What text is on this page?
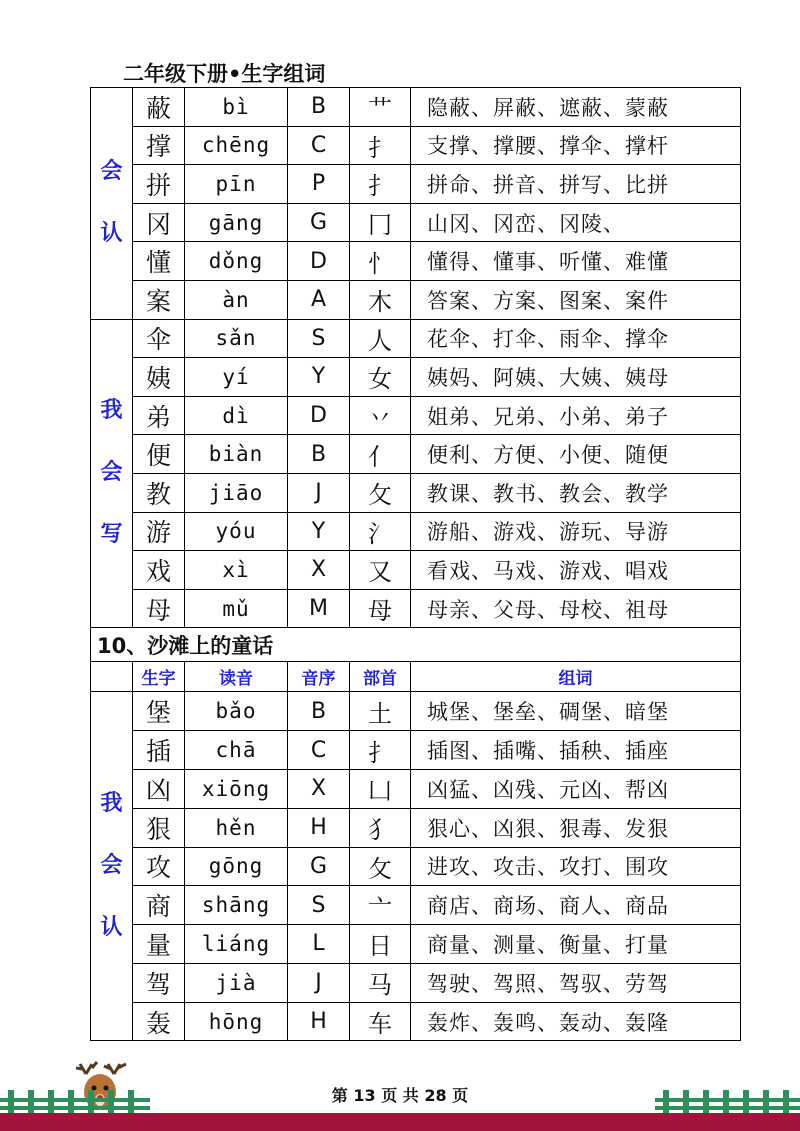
二年级下册•生字组词
会
认	蔽	bì	B	艹	隐蔽、屏蔽、遮蔽、蒙蔽
	撑	chēng	C	扌	支撑、撑腰、撑伞、撑杆
	拼	pīn	P	扌	拼命、拼音、拼写、比拼
	冈	gāng	G	冂	山冈、冈峦、冈陵、
	懂	dǒng	D	忄	懂得、懂事、听懂、难懂
	案	àn	A	木	答案、方案、图案、案件

我
会
写	伞	sǎn	S	人	花伞、打伞、雨伞、撑伞
	姨	yí	Y	女	姨妈、阿姨、大姨、姨母
	弟	dì	D	丷	姐弟、兄弟、小弟、弟子
	便	biàn	B	亻	便利、方便、小便、随便
	教	jiāo	J	攵	教课、教书、教会、教学
	游	yóu	Y	氵	游船、游戏、游玩、导游
	戏	xì	X	又	看戏、马戏、游戏、唱戏
	母	mǔ	M	母	母亲、父母、母校、祖母
10、沙滩上的童话					
	生字	读音	音序	部首	组词

我
会
认	堡	bǎo	B	土	城堡、堡垒、碉堡、暗堡
	插	chā	C	扌	插图、插嘴、插秧、插座
	凶	xiōng	X	凵	凶猛、凶残、元凶、帮凶
	狠	hěn	H	犭	狠心、凶狠、狠毒、发狠
	攻	gōng	G	攵	进攻、攻击、攻打、围攻
	商	shāng	S	亠	商店、商场、商人、商品
	量	liáng	L	日	商量、测量、衡量、打量
	驾	jià	J	马	驾驶、驾照、驾驭、劳驾
	轰	hōng	H	车	轰炸、轰鸣、轰动、轰隆
第 13 页 共 28 页
